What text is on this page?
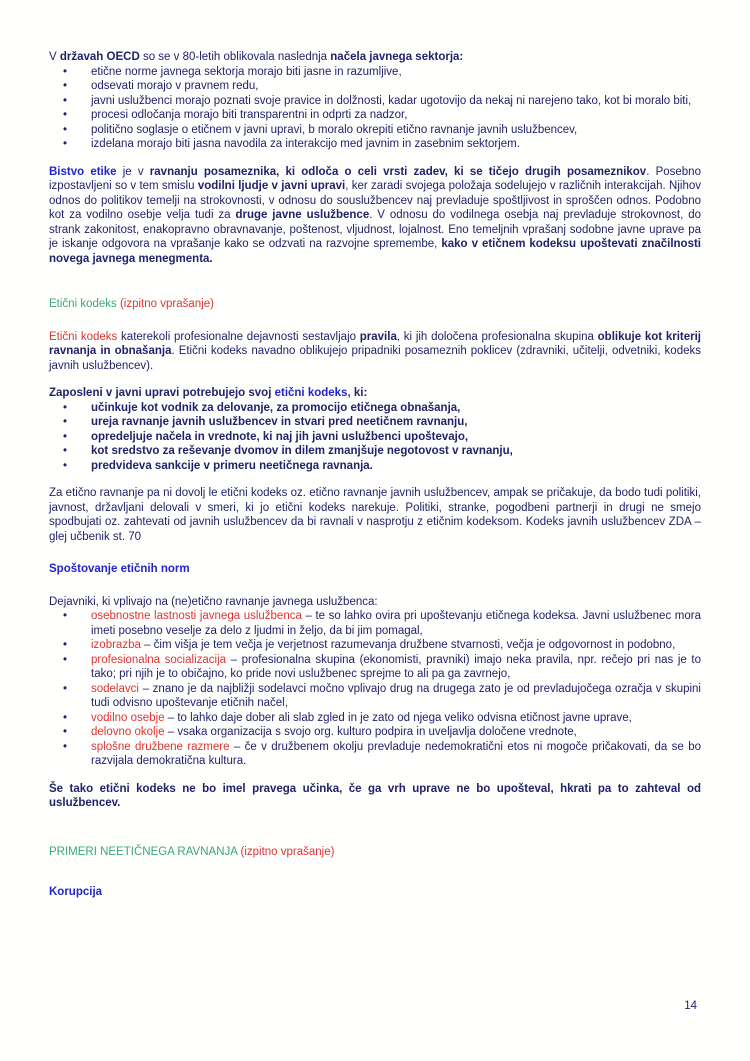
V državah OECD so se v 80-letih oblikovala naslednja načela javnega sektorja:

• etične norme javnega sektorja morajo biti jasne in razumljive,
• odsevati morajo v pravnem redu,
• javni uslužbenci morajo poznati svoje pravice in dolžnosti, kadar ugotovijo da nekaj ni narejeno tako, kot bi moralo biti,
• procesi odločanja morajo biti transparentni in odprti za nadzor,
• politično soglasje o etičnem v javni upravi, b moralo okrepiti etično ravnanje javnih uslužbencev,
• izdelana morajo biti jasna navodila za interakcijo med javnim in zasebnim sektorjem.

Bistvo etike je v ravnanju posameznika, ki odloča o celi vrsti zadev, ki se tičejo drugih posameznikov. Posebno izpostavljeni so v tem smislu vodilni ljudje v javni upravi, ker zaradi svojega položaja sodelujejo v različnih interakcijah. Njihov odnos do politikov temelji na strokovnosti, v odnosu do souslužbencev naj prevladuje spoštljivost in sproščen odnos. Podobno kot za vodilno osebje velja tudi za druge javne uslužbence. V odnosu do vodilnega osebja naj prevladuje strokovnost, do strank zakonitost, enakopravno obravnavanje, poštenost, vljudnost, lojalnost. Eno temeljnih vprašanj sodobne javne uprave pa je iskanje odgovora na vprašanje kako se odzvati na razvojne spremembe, kako v etičnem kodeksu upoštevati značilnosti novega javnega menegmenta.

Etični kodeks (izpitno vprašanje)

Etični kodeks katerekoli profesionalne dejavnosti sestavljajo pravila, ki jih določena profesionalna skupina oblikuje kot kriterij ravnanja in obnašanja. Etični kodeks navadno oblikujejo pripadniki posameznih poklicev (zdravniki, učitelji, odvetniki, kodeks javnih uslužbencev).

Zaposleni v javni upravi potrebujejo svoj etični kodeks, ki:

• učinkuje kot vodnik za delovanje, za promocijo etičnega obnašanja,
• ureja ravnanje javnih uslužbencev in stvari pred neetičnem ravnanju,
• opredeljuje načela in vrednote, ki naj jih javni uslužbenci upoštevajo,
• kot sredstvo za reševanje dvomov in dilem zmanjšuje negotovost v ravnanju,
• predvideva sankcije v primeru neetičnega ravnanja.

Za etično ravnanje pa ni dovolj le etični kodeks oz. etično ravnanje javnih uslužbencev, ampak se pričakuje, da bodo tudi politiki, javnost, državljani delovali v smeri, ki jo etični kodeks narekuje. Politiki, stranke, pogodbeni partnerji in drugi ne smejo spodbujati oz. zahtevati od javnih uslužbencev da bi ravnali v nasprotju z etičnim kodeksom. Kodeks javnih uslužbencev ZDA – glej učbenik st. 70

Spoštovanje etičnih norm

Dejavniki, ki vplivajo na (ne)etično ravnanje javnega uslužbenca:

• osebnostne lastnosti javnega uslužbenca – te so lahko ovira pri upoštevanju etičnega kodeksa. Javni uslužbenec mora imeti posebno veselje za delo z ljudmi in željo, da bi jim pomagal,
• izobrazba – čim višja je tem večja je verjetnost razumevanja družbene stvarnosti, večja je odgovornost in podobno,
• profesionalna socializacija – profesionalna skupina (ekonomisti, pravniki) imajo neka pravila, npr. rečejo pri nas je to tako; pri njih je to običajno, ko pride novi uslužbenec sprejme to ali pa ga zavrnejo,
• sodelavci – znano je da najbližji sodelavci močno vplivajo drug na drugega zato je od prevladujočega ozračja v skupini tudi odvisno upoštevanje etičnih načel,
• vodilno osebje – to lahko daje dober ali slab zgled in je zato od njega veliko odvisna etičnost javne uprave,
• delovno okolje – vsaka organizacija s svojo org. kulturo podpira in uveljavlja določene vrednote,
• splošne družbene razmere – če v družbenem okolju prevladuje nedemokratični etos ni mogoče pričakovati, da se bo razvijala demokratična kultura.

Še tako etični kodeks ne bo imel pravega učinka, če ga vrh uprave ne bo upošteval, hkrati pa to zahteval od uslužbencev.

PRIMERI NEETIČNEGA RAVNANJA (izpitno vprašanje)

Korupcija

14
